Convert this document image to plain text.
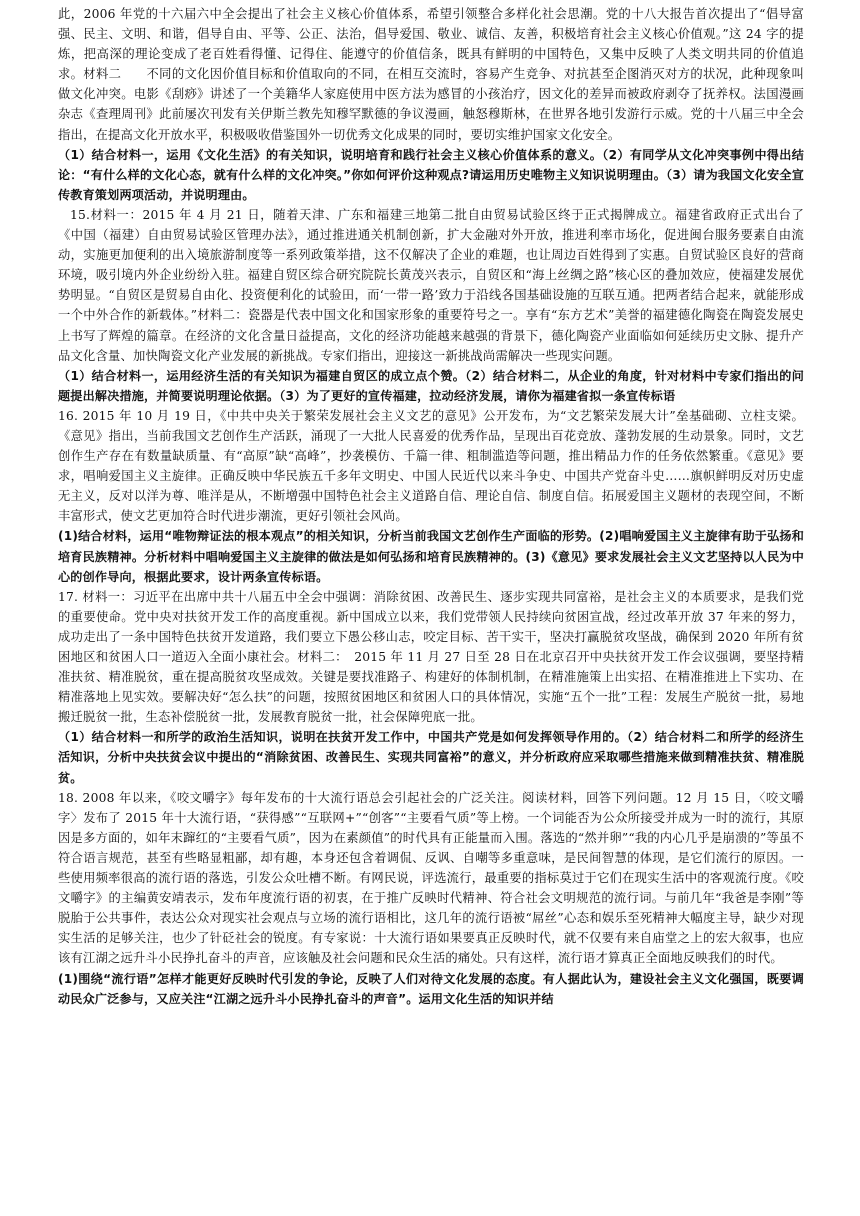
此，2006 年党的十六届六中全会提出了社会主义核心价值体系，希望引领整合多样化社会思潮。党的十八大报告首次提出了“倡导富强、民主、文明、和谐，倡导自由、平等、公正、法治，倡导爱国、敬业、诚信、友善，积极培育社会主义核心价值观。”这 24 字的提炼，把高深的理论变成了老百姓看得懂、记得住、能遵守的价值信条，既具有鲜明的中国特色，又集中反映了人类文明共同的价值追求。材料二　　不同的文化因价值目标和价值取向的不同，在相互交流时，容易产生竞争、对抗甚至企图消灭对方的状况，此种现象叫做文化冲突。电影《刮痧》讲述了一个美籍华人家庭使用中医方法为感冒的小孩治疗，因文化的差异而被政府剥夺了抚养权。法国漫画杂志《查理周刊》此前屡次刊发有关伊斯兰教先知穆罕默德的争议漫画，触怒穆斯林，在世界各地引发游行示威。党的十八届三中全会指出，在提高文化开放水平，积极吸收借鉴国外一切优秀文化成果的同时，要切实维护国家文化安全。

（1）结合材料一，运用《文化生活》的有关知识，说明培育和践行社会主义核心价值体系的意义。（2）有同学从文化冲突事例中得出结论：“有什么样的文化心态，就有什么样的文化冲突。”你如何评价这种观点?请运用历史唯物主义知识说明理由。（3）请为我国文化安全宣传教育策划两项活动，并说明理由。

15.材料一：2015 年 4 月 21 日，随着天津、广东和福建三地第二批自由贸易试验区终于正式揭牌成立。福建省政府正式出台了《中国（福建）自由贸易试验区管理办法》，通过推进通关机制创新，扩大金融对外开放，推进利率市场化，促进闽台服务要素自由流动，实施更加便利的出入境旅游制度等一系列政策举措，这不仅解决了企业的难题，也让周边百姓得到了实惠。自贸试验区良好的营商环境，吸引境内外企业纷纷入驻。福建自贸区综合研究院院长黄茂兴表示，自贸区和“海上丝绸之路”核心区的叠加效应，使福建发展优势明显。“自贸区是贸易自由化、投资便利化的试验田，而‘一带一路’致力于沿线各国基础设施的互联互通。把两者结合起来，就能形成一个中外合作的新载体。”材料二：瓷器是代表中国文化和国家形象的重要符号之一。享有“东方艺术”美誉的福建德化陶瓷在陶瓷发展史上书写了辉煌的篇章。在经济的文化含量日益提高，文化的经济功能越来越强的背景下，德化陶瓷产业面临如何延续历史文脉、提升产品文化含量、加快陶瓷文化产业发展的新挑战。专家们指出，迎接这一新挑战尚需解决一些现实问题。

（1）结合材料一，运用经济生活的有关知识为福建自贸区的成立点个赞。（2）结合材料二，从企业的角度，针对材料中专家们指出的问题提出解决措施，并简要说明理论依据。（3）为了更好的宣传福建，拉动经济发展，请你为福建省拟一条宣传标语

16. 2015 年 10 月 19 日，《中共中央关于繁荣发展社会主义文艺的意见》公开发布，为“文艺繁荣发展大计”垒基础砌、立柱支梁。《意见》指出，当前我国文艺创作生产活跃，涌现了一大批人民喜爱的优秀作品，呈现出百花竞放、蓬勃发展的生动景象。同时，文艺创作生产存在有数量缺质量、有“高原”缺“高峰”，抄袭模仿、千篇一律、粗制滥造等问题，推出精品力作的任务依然繁重。《意见》要求，唱响爱国主义主旋律。正确反映中华民族五千多年文明史、中国人民近代以来斗争史、中国共产党奋斗史……旗帜鲜明反对历史虚无主义，反对以洋为尊、唯洋是从，不断增强中国特色社会主义道路自信、理论自信、制度自信。拓展爱国主义题材的表现空间，不断丰富形式，使文艺更加符合时代进步潮流，更好引领社会风尚。

(1)结合材料，运用“唯物辩证法的根本观点”的相关知识，分析当前我国文艺创作生产面临的形势。(2)唱响爱国主义主旋律有助于弘扬和培育民族精神。分析材料中唱响爱国主义主旋律的做法是如何弘扬和培育民族精神的。(3)《意见》要求发展社会主义文艺坚持以人民为中心的创作导向，根据此要求，设计两条宣传标语。

17. 材料一：习近平在出席中共十八届五中全会中强调：消除贫困、改善民生、逐步实现共同富裕，是社会主义的本质要求，是我们党的重要使命。党中央对扶贫开发工作的高度重视。新中国成立以来，我们党带领人民持续向贫困宣战，经过改革开放 37 年来的努力，成功走出了一条中国特色扶贫开发道路，我们要立下愚公移山志，咬定目标、苦干实干，坚决打赢脱贫攻坚战，确保到 2020 年所有贫困地区和贫困人口一道迈入全面小康社会。材料二：　2015 年 11 月 27 日至 28 日在北京召开中央扶贫开发工作会议强调，要坚持精准扶贫、精准脱贫，重在提高脱贫攻坚成效。关键是要找准路子、构建好的体制机制，在精准施策上出实招、在精准推进上下实功、在精准落地上见实效。要解决好“怎么扶”的问题，按照贫困地区和贫困人口的具体情况，实施“五个一批”工程：发展生产脱贫一批，易地搬迁脱贫一批，生态补偿脱贫一批，发展教育脱贫一批，社会保障兜底一批。

（1）结合材料一和所学的政治生活知识，说明在扶贫开发工作中，中国共产党是如何发挥领导作用的。（2）结合材料二和所学的经济生活知识，分析中央扶贫会议中提出的“消除贫困、改善民生、实现共同富裕”的意义，并分析政府应采取哪些措施来做到精准扶贫、精准脱贫。

18. 2008 年以来，《咬文嚼字》每年发布的十大流行语总会引起社会的广泛关注。阅读材料，回答下列问题。12 月 15 日，〈咬文嚼字〉发布了 2015 年十大流行语，“获得感”“互联网+”“创客”“主要看气质”等上榜。一个词能否为公众所接受并成为一时的流行，其原因是多方面的，如年末蹿红的“主要看气质”，因为在素颜值”的时代具有正能量而入围。落选的“然并卵”“我的内心几乎是崩溃的”等虽不符合语言规范，甚至有些略显粗鄙，却有趣，本身还包含着调侃、反讽、自嘲等多重意味，是民间智慧的体现，是它们流行的原因。一些使用频率很高的流行语的落选，引发公众吐槽不断。有网民说，评选流行，最重要的指标莫过于它们在现实生活中的客观流行度。《咬文嚼字》的主编黄安靖表示，发布年度流行语的初衷，在于推广反映时代精神、符合社会文明规范的流行词。与前几年“我爸是李刚”等脱胎于公共事件，表达公众对现实社会观点与立场的流行语相比，这几年的流行语被“屌丝”心态和娱乐至死精神大幅度主导，缺少对现实生活的足够关注，也少了针砭社会的锐度。有专家说：十大流行语如果要真正反映时代，就不仅要有来自庙堂之上的宏大叙事，也应该有江湖之远升斗小民挣扎奋斗的声音，应该触及社会问题和民众生活的痛处。只有这样，流行语才算真正全面地反映我们的时代。

(1)围绕“流行语”怎样才能更好反映时代引发的争论，反映了人们对待文化发展的态度。有人据此认为，建设社会主义文化强国，既要调动民众广泛参与，又应关注“江湖之远升斗小民挣扎奋斗的声音”。运用文化生活的知识并结
